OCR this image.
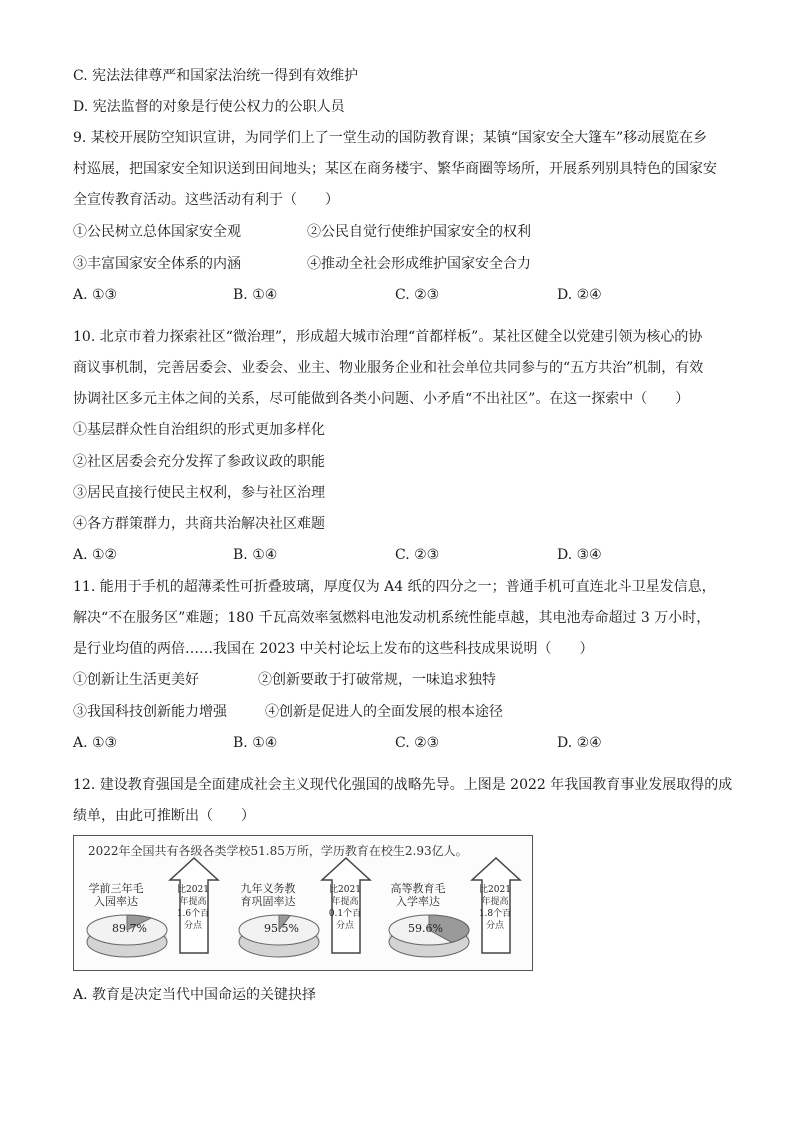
C. 宪法法律尊严和国家法治统一得到有效维护
D. 宪法监督的对象是行使公权力的公职人员
9. 某校开展防空知识宣讲，为同学们上了一堂生动的国防教育课；某镇“国家安全大篷车”移动展览在乡
村巡展，把国家安全知识送到田间地头；某区在商务楼宇、繁华商圈等场所，开展系列别具特色的国家安
全宣传教育活动。这些活动有利于（　　）
①公民树立总体国家安全观	②公民自觉行使维护国家安全的权利
③丰富国家安全体系的内涵	④推动全社会形成维护国家安全合力
A. ①③	B. ①④	C. ②③	D. ②④
10. 北京市着力探索社区“微治理”，形成超大城市治理“首都样板”。某社区健全以党建引领为核心的协
商议事机制，完善居委会、业委会、业主、物业服务企业和社会单位共同参与的“五方共治”机制，有效
协调社区多元主体之间的关系，尽可能做到各类小问题、小矛盾“不出社区”。在这一探索中（　　）
①基层群众性自治组织的形式更加多样化
②社区居委会充分发挥了参政议政的职能
③居民直接行使民主权利，参与社区治理
④各方群策群力，共商共治解决社区难题
A. ①②	B. ①④	C. ②③	D. ③④
11. 能用于手机的超薄柔性可折叠玻璃，厚度仅为 A4 纸的四分之一；普通手机可直连北斗卫星发信息，
解决“不在服务区”难题；180 千瓦高效率氢燃料电池发动机系统性能卓越，其电池寿命超过 3 万小时，
是行业均值的两倍……我国在 2023 中关村论坛上发布的这些科技成果说明（　　）
①创新让生活更美好	②创新要敢于打破常规，一味追求独特
③我国科技创新能力增强	④创新是促进人的全面发展的根本途径
A. ①③	B. ①④	C. ②③	D. ②④
12. 建设教育强国是全面建成社会主义现代化强国的战略先导。上图是 2022 年我国教育事业发展取得的成
绩单，由此可推断出（　　）
2022年全国共有各级各类学校51.85万所，学历教育在校生2.93亿人。
学前三年毛入园率达
89.7%
比2021年提高1.6个百分点
九年义务教育巩固率达
95.5%
比2021年提高0.1个百分点
高等教育毛入学率达
59.6%
比2021年提高1.8个百分点
A. 教育是决定当代中国命运的关键抉择
